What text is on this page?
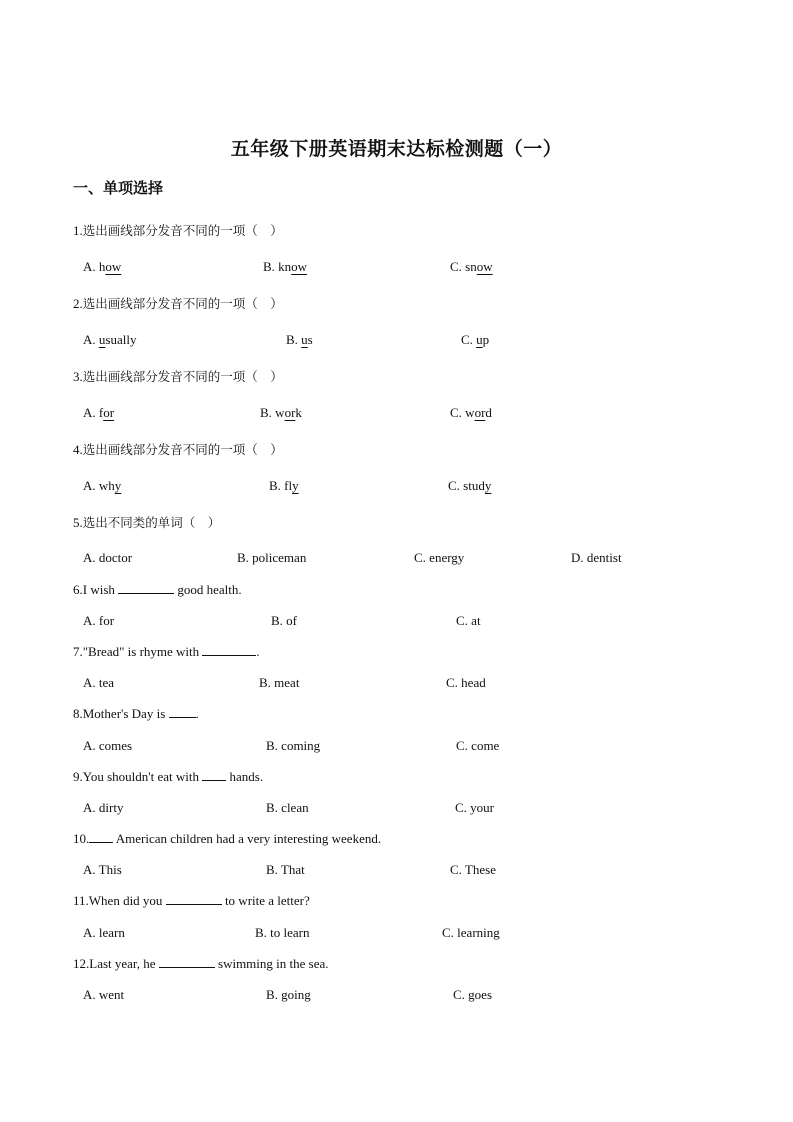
五年级下册英语期末达标检测题（一）
一、单项选择
1.选出画线部分发音不同的一项（　）
A. how	B. know	C. snow
2.选出画线部分发音不同的一项（　）
A. usually	B. us	C. up
3.选出画线部分发音不同的一项（　）
A. for	B. work	C. word
4.选出画线部分发音不同的一项（　）
A. why	B. fly	C. study
5.选出不同类的单词（　）
A. doctor	B. policeman	C. energy	D. dentist
6.I wish	good health.
A. for	B. of	C. at
7."Bread" is rhyme with	.
A. tea	B. meat	C. head
8.Mother's Day is .
A. comes	B. coming	C. come
9.You shouldn't eat with  hands.
A. dirty	B. clean	C. your
10. American children had a very interesting weekend.
A. This	B. That	C. These
11.When did you	to write a letter?
A. learn	B. to learn	C. learning
12.Last year, he	swimming in the sea.
A. went	B. going	C. goes
